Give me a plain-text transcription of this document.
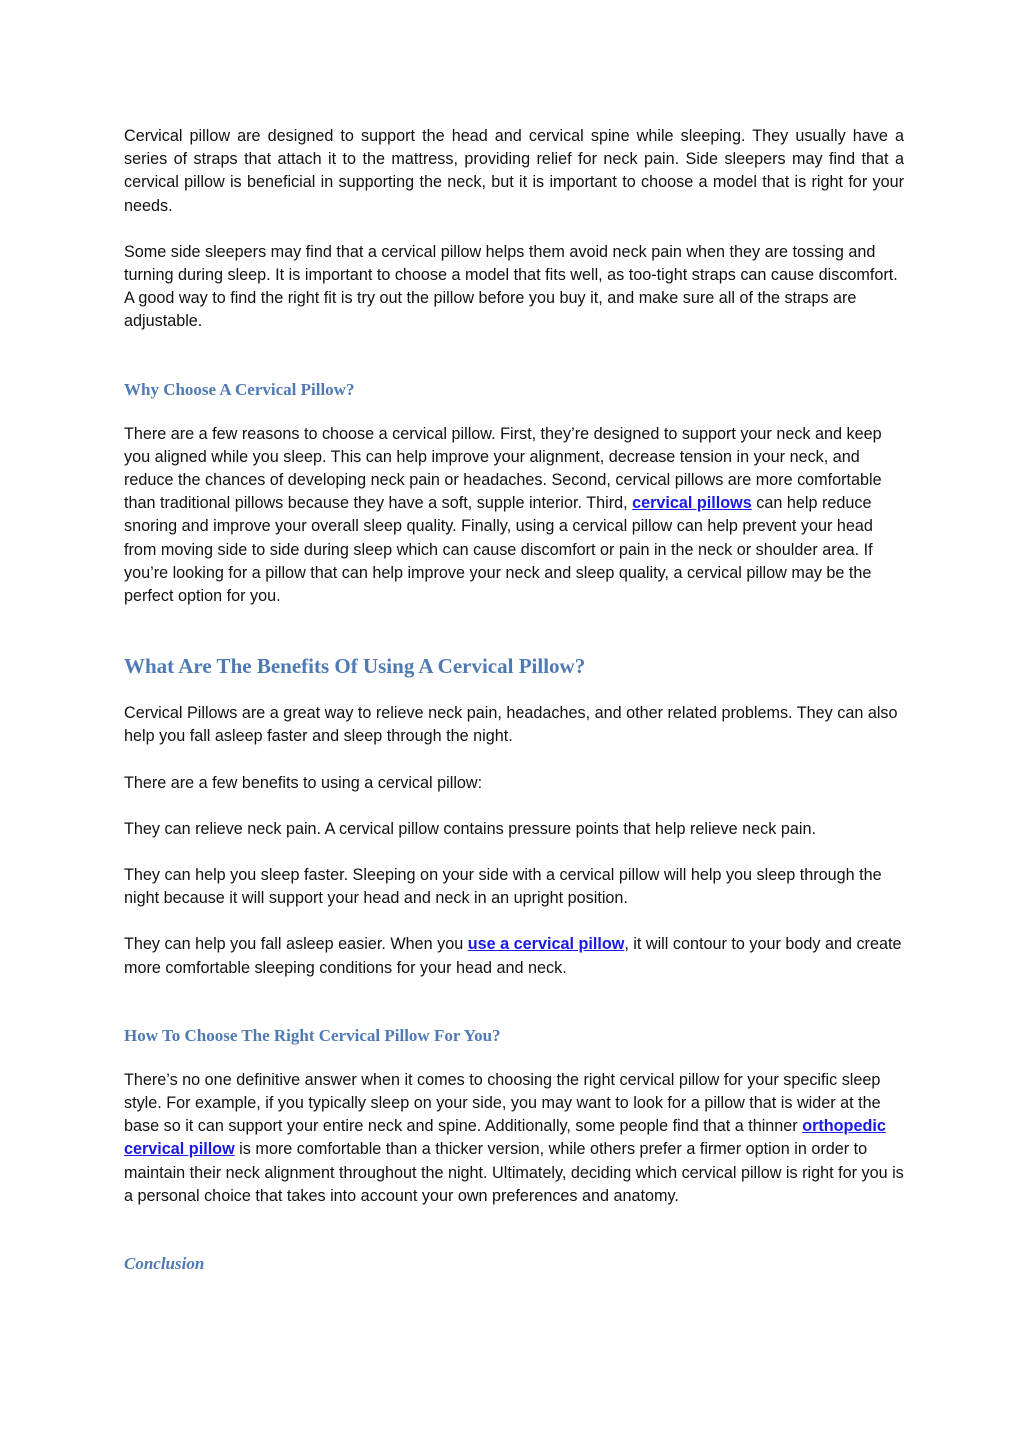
Cervical pillow are designed to support the head and cervical spine while sleeping. They usually have a series of straps that attach it to the mattress, providing relief for neck pain. Side sleepers may find that a cervical pillow is beneficial in supporting the neck, but it is important to choose a model that is right for your needs.

Some side sleepers may find that a cervical pillow helps them avoid neck pain when they are tossing and turning during sleep. It is important to choose a model that fits well, as too-tight straps can cause discomfort. A good way to find the right fit is try out the pillow before you buy it, and make sure all of the straps are adjustable.

Why Choose A Cervical Pillow?

There are a few reasons to choose a cervical pillow. First, they’re designed to support your neck and keep you aligned while you sleep. This can help improve your alignment, decrease tension in your neck, and reduce the chances of developing neck pain or headaches. Second, cervical pillows are more comfortable than traditional pillows because they have a soft, supple interior. Third, cervical pillows can help reduce snoring and improve your overall sleep quality. Finally, using a cervical pillow can help prevent your head from moving side to side during sleep which can cause discomfort or pain in the neck or shoulder area. If you’re looking for a pillow that can help improve your neck and sleep quality, a cervical pillow may be the perfect option for you.

What Are The Benefits Of Using A Cervical Pillow?

Cervical Pillows are a great way to relieve neck pain, headaches, and other related problems. They can also help you fall asleep faster and sleep through the night.

There are a few benefits to using a cervical pillow:

They can relieve neck pain. A cervical pillow contains pressure points that help relieve neck pain.

They can help you sleep faster. Sleeping on your side with a cervical pillow will help you sleep through the night because it will support your head and neck in an upright position.

They can help you fall asleep easier. When you use a cervical pillow, it will contour to your body and create more comfortable sleeping conditions for your head and neck.

How To Choose The Right Cervical Pillow For You?

There’s no one definitive answer when it comes to choosing the right cervical pillow for your specific sleep style. For example, if you typically sleep on your side, you may want to look for a pillow that is wider at the base so it can support your entire neck and spine. Additionally, some people find that a thinner orthopedic cervical pillow is more comfortable than a thicker version, while others prefer a firmer option in order to maintain their neck alignment throughout the night. Ultimately, deciding which cervical pillow is right for you is a personal choice that takes into account your own preferences and anatomy.

Conclusion
